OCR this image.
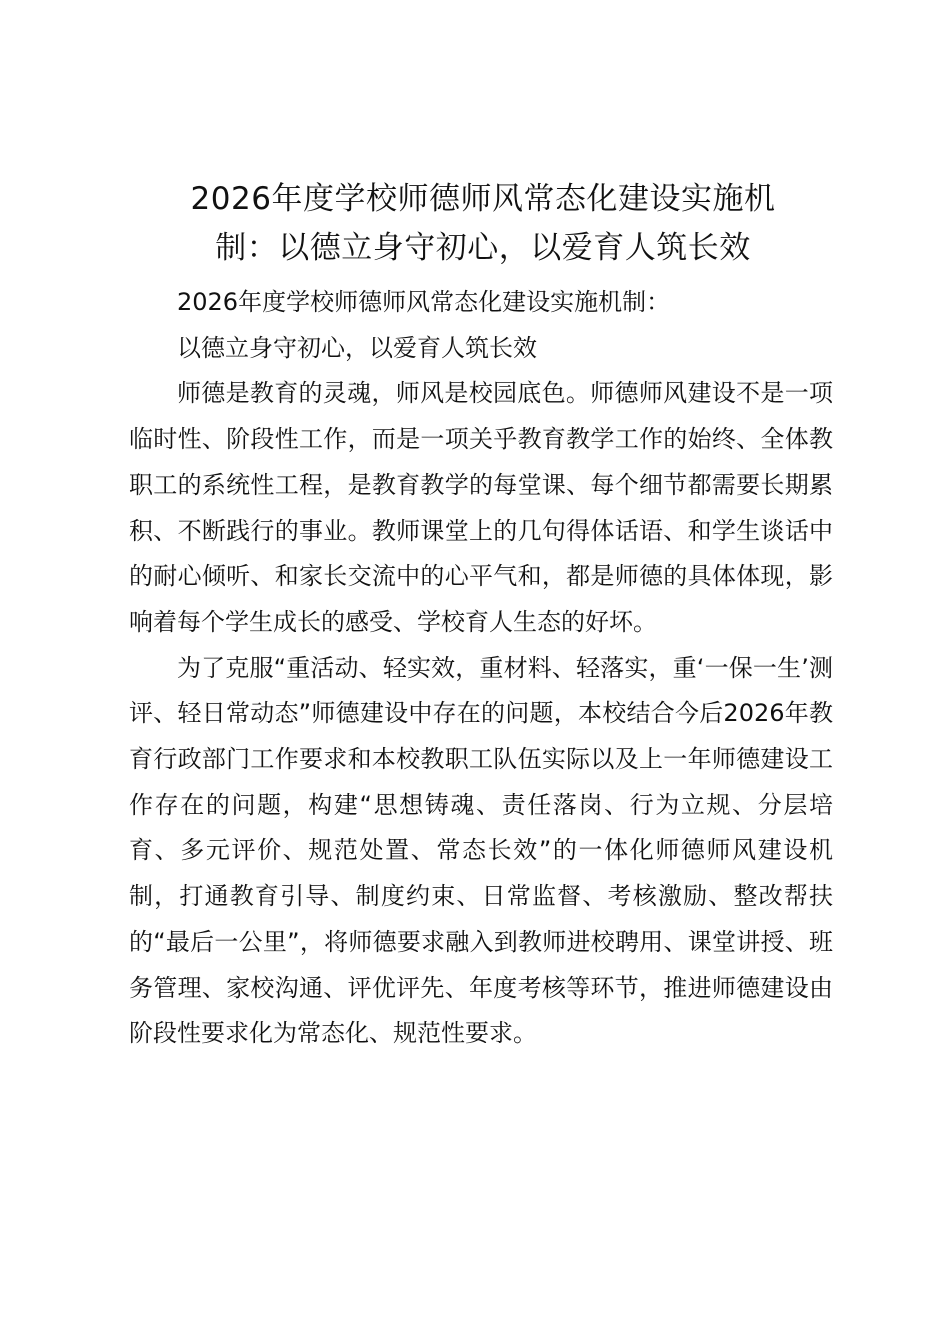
2026年度学校师德师风常态化建设实施机
制：以德立身守初心，以爱育人筑长效

2026年度学校师德师风常态化建设实施机制：

以德立身守初心，以爱育人筑长效

师德是教育的灵魂，师风是校园底色。师德师风建设不是一项临时性、阶段性工作，而是一项关乎教育教学工作的始终、全体教职工的系统性工程，是教育教学的每堂课、每个细节都需要长期累积、不断践行的事业。教师课堂上的几句得体话语、和学生谈话中的耐心倾听、和家长交流中的心平气和，都是师德的具体体现，影响着每个学生成长的感受、学校育人生态的好坏。

为了克服“重活动、轻实效，重材料、轻落实，重‘一保一生’测评、轻日常动态”师德建设中存在的问题，本校结合今后2026年教育行政部门工作要求和本校教职工队伍实际以及上一年师德建设工作存在的问题，构建“思想铸魂、责任落岗、行为立规、分层培育、多元评价、规范处置、常态长效”的一体化师德师风建设机制，打通教育引导、制度约束、日常监督、考核激励、整改帮扶的“最后一公里”，将师德要求融入到教师进校聘用、课堂讲授、班务管理、家校沟通、评优评先、年度考核等环节，推进师德建设由阶段性要求化为常态化、规范性要求。
